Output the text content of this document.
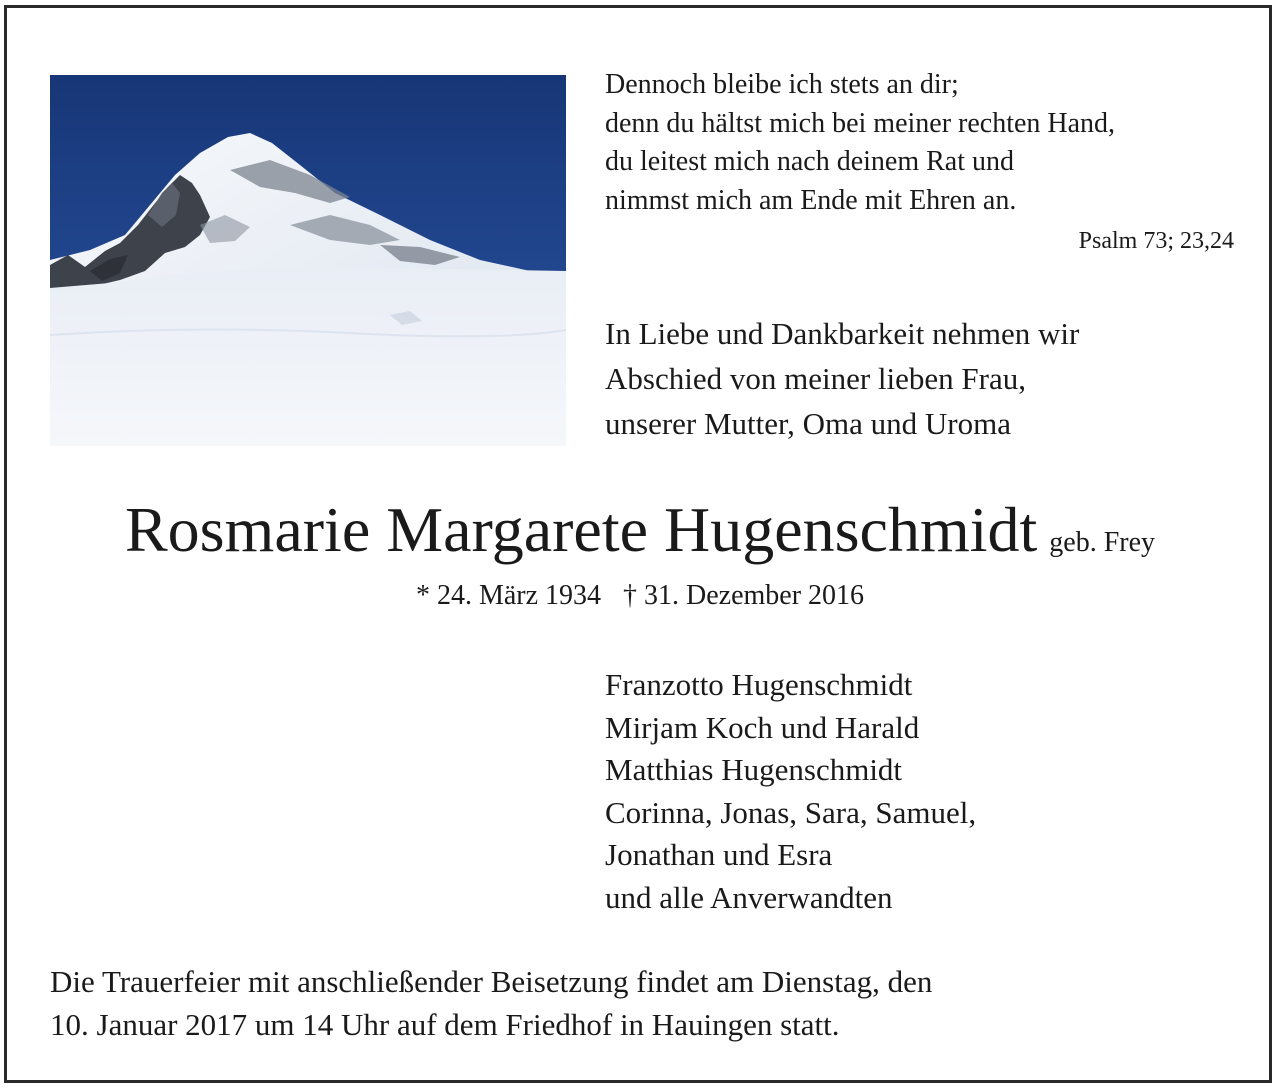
Dennoch bleibe ich stets an dir;
denn du hältst mich bei meiner rechten Hand,
du leitest mich nach deinem Rat und
nimmst mich am Ende mit Ehren an.
Psalm 73; 23,24
In Liebe und Dankbarkeit nehmen wir
Abschied von meiner lieben Frau,
unserer Mutter, Oma und Uroma
Rosmarie Margarete Hugenschmidt geb. Frey
* 24. März 1934 † 31. Dezember 2016
Franzotto Hugenschmidt
Mirjam Koch und Harald
Matthias Hugenschmidt
Corinna, Jonas, Sara, Samuel,
Jonathan und Esra
und alle Anverwandten
Die Trauerfeier mit anschließender Beisetzung findet am Dienstag, den
10. Januar 2017 um 14 Uhr auf dem Friedhof in Hauingen statt.
